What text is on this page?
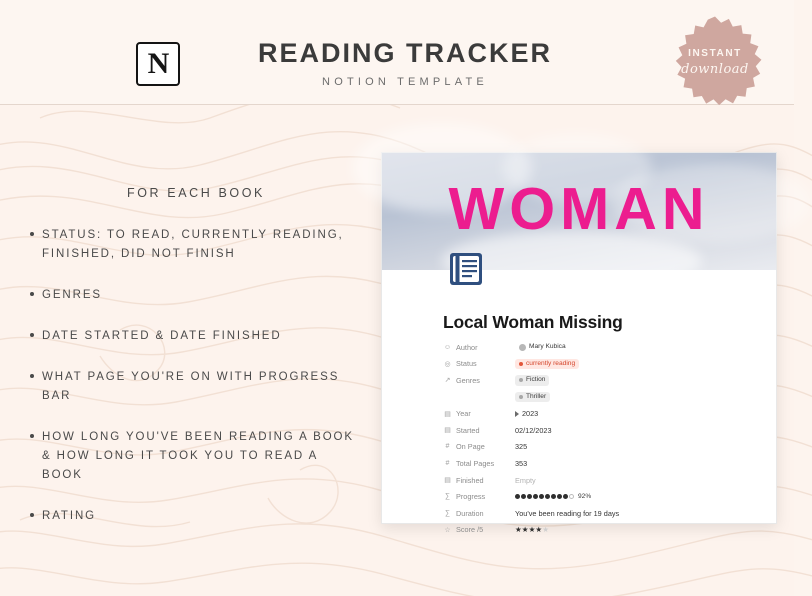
N	READING TRACKER
NOTION TEMPLATE
INSTANT
download
FOR EACH BOOK
STATUS: TO READ, CURRENTLY READING, FINISHED, DID NOT FINISH
GENRES
DATE STARTED & DATE FINISHED
WHAT PAGE YOU'RE ON WITH PROGRESS BAR
HOW LONG YOU'VE BEEN READING A BOOK & HOW LONG IT TOOK YOU TO READ A BOOK
RATING
WOMAN
Local Woman Missing
☺ Author	Mary Kubica
◎ Status	currently reading
↗ Genres	Fiction
Thriller
▤ Year	2023
▤ Started	02/12/2023
# On Page	325
# Total Pages	353
▤ Finished	Empty
∑ Progress	92%
∑ Duration	You've been reading for 19 days
☆ Score /5	★★★★★
